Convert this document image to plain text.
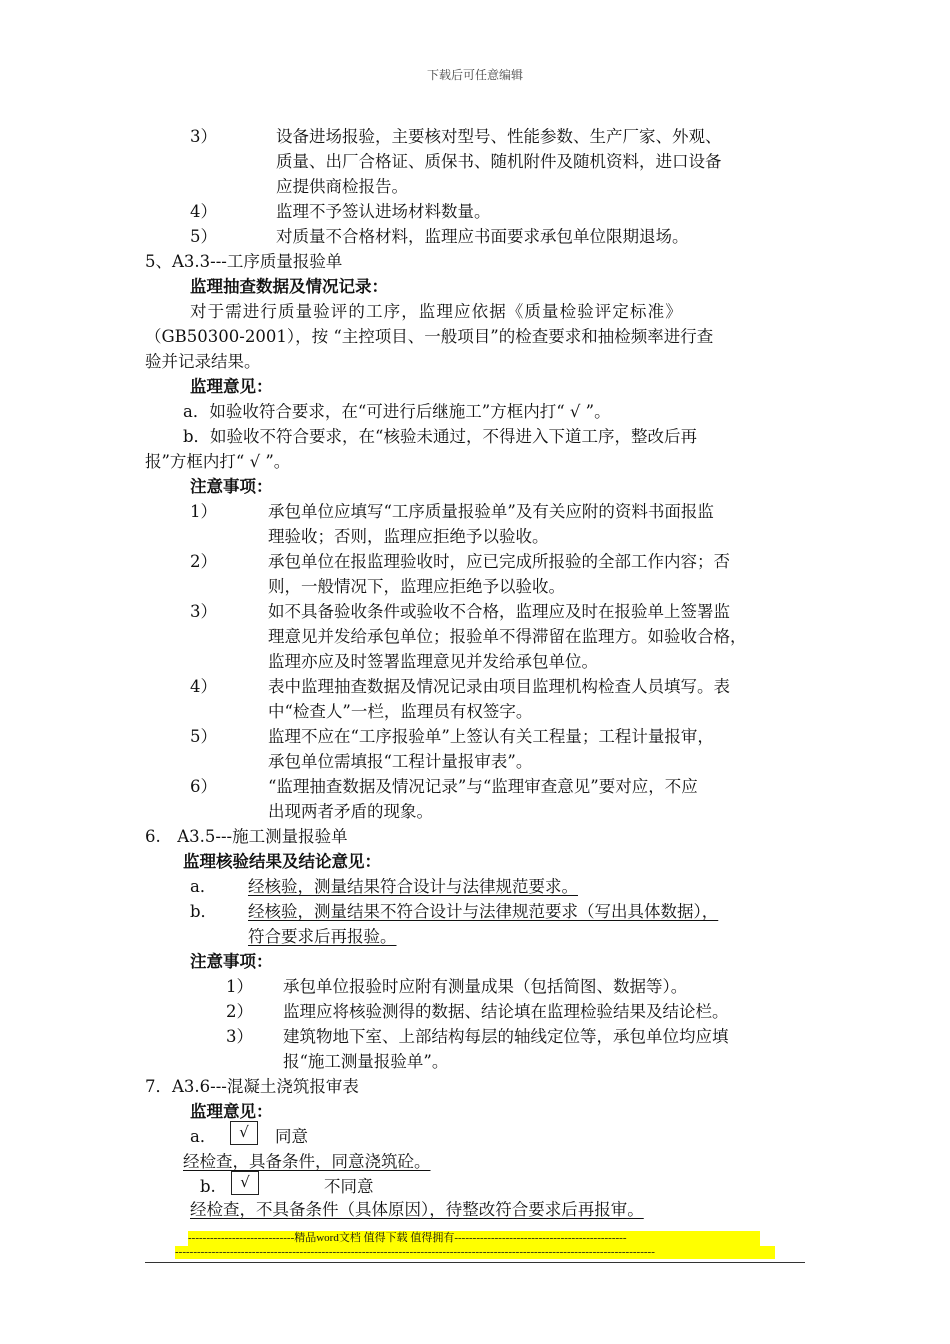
下载后可任意编辑
3）	设备进场报验，主要核对型号、性能参数、生产厂家、外观、
质量、出厂合格证、质保书、随机附件及随机资料，进口设备
应提供商检报告。
4）	监理不予签认进场材料数量。
5）	对质量不合格材料，监理应书面要求承包单位限期退场。
5、A3.3---工序质量报验单
监理抽查数据及情况记录：
对于需进行质量验评的工序，监理应依据《质量检验评定标准》
（GB50300-2001），按 “主控项目、一般项目”的检查要求和抽检频率进行查
验并记录结果。
监理意见：
a．如验收符合要求，在“可进行后继施工”方框内打“ √ ”。
b．如验收不符合要求，在“核验未通过，不得进入下道工序，整改后再
报”方框内打“ √ ”。
注意事项：
1）	承包单位应填写“工序质量报验单”及有关应附的资料书面报监
理验收；否则，监理应拒绝予以验收。
2）	承包单位在报监理验收时，应已完成所报验的全部工作内容；否
则，一般情况下，监理应拒绝予以验收。
3）	如不具备验收条件或验收不合格，监理应及时在报验单上签署监
理意见并发给承包单位；报验单不得滞留在监理方。如验收合格，
监理亦应及时签署监理意见并发给承包单位。
4）	表中监理抽查数据及情况记录由项目监理机构检查人员填写。表
中“检查人”一栏，监理员有权签字。
5）	监理不应在“工序报验单”上签认有关工程量；工程计量报审，
承包单位需填报“工程计量报审表”。
6）	“监理抽查数据及情况记录”与“监理审查意见”要对应，不应
出现两者矛盾的现象。
6.　A3.5---施工测量报验单
监理核验结果及结论意见：
a． 经核验，测量结果符合设计与法律规范要求。
b． 经核验，测量结果不符合设计与法律规范要求（写出具体数据），
符合要求后再报验。
注意事项：
1） 承包单位报验时应附有测量成果（包括简图、数据等）。
2） 监理应将核验测得的数据、结论填在监理检验结果及结论栏。
3） 建筑物地下室、上部结构每层的轴线定位等，承包单位均应填
报“施工测量报验单”。
7．A3.6---混凝土浇筑报审表
监理意见：
a．	√	同意
经检查，具备条件，同意浇筑砼。
b.	√	不同意
经检查，不具备条件（具体原因），待整改符合要求后再报审。
-----------------------------精品word文档 值得下载 值得拥有-----------------------------------------------
-----------------------------------------------------------------------------------------------------------------------------------
